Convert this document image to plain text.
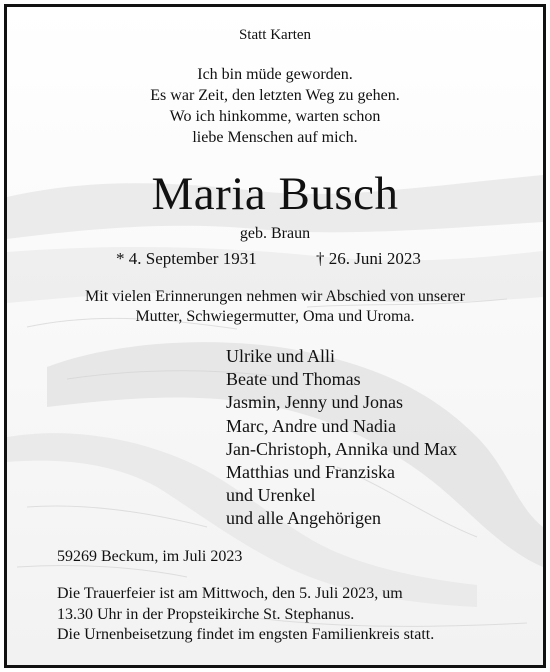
Statt Karten
Ich bin müde geworden.
Es war Zeit, den letzten Weg zu gehen.
Wo ich hinkomme, warten schon
liebe Menschen auf mich.
Maria Busch
geb. Braun
* 4. September 1931	† 26. Juni 2023
Mit vielen Erinnerungen nehmen wir Abschied von unserer
Mutter, Schwiegermutter, Oma und Uroma.
Ulrike und Alli
Beate und Thomas
Jasmin, Jenny und Jonas
Marc, Andre und Nadia
Jan-Christoph, Annika und Max
Matthias und Franziska
und Urenkel
und alle Angehörigen
59269 Beckum, im Juli 2023
Die Trauerfeier ist am Mittwoch, den 5. Juli 2023, um
13.30 Uhr in der Propsteikirche St. Stephanus.
Die Urnenbeisetzung findet im engsten Familienkreis statt.
